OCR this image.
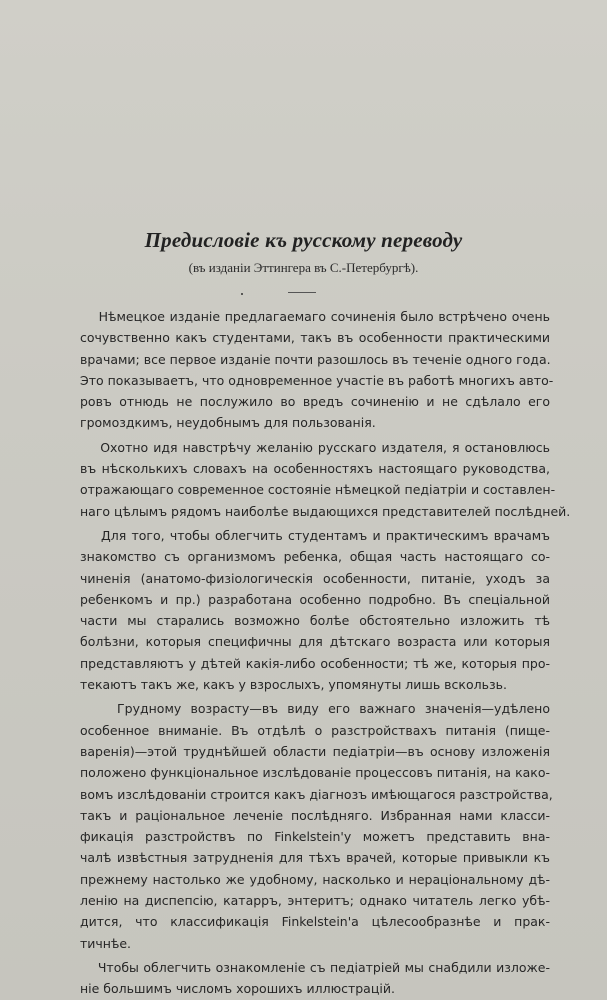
Предисловіе къ русскому переводу
(въ изданіи Эттингера въ С.-Петербургѣ).
Нѣмецкое изданіе предлагаемаго сочиненія было встрѣчено очень
сочувственно какъ студентами, такъ въ особенности практическими
врачами; все первое изданіе почти разошлось въ теченіе одного года.
Это показываетъ, что одновременное участіе въ работѣ многихъ авто-
ровъ отнюдь не послужило во вредъ сочиненію и не сдѣлало его
громоздкимъ, неудобнымъ для пользованія.
Охотно идя навстрѣчу желанію русскаго издателя, я остановлюсь
въ нѣсколькихъ словахъ на особенностяхъ настоящаго руководства,
отражающаго современное состояніе нѣмецкой педіатріи и составлен-
наго цѣлымъ рядомъ наиболѣе выдающихся представителей послѣдней.
Для того, чтобы облегчить студентамъ и практическимъ врачамъ
знакомство съ организмомъ ребенка, общая часть настоящаго со-
чиненія (анатомо-физіологическія особенности, питаніе, уходъ за
ребенкомъ и пр.) разработана особенно подробно. Въ спеціальной
части мы старались возможно болѣе обстоятельно изложить тѣ
болѣзни, которыя специфичны для дѣтскаго возраста или которыя
представляютъ у дѣтей какія-либо особенности; тѣ же, которыя про-
текаютъ такъ же, какъ у взрослыхъ, упомянуты лишь вскользь.
Грудному возрасту—въ виду его важнаго значенія—удѣлено
особенное вниманіе. Въ отдѣлѣ о разстройствахъ питанія (пище-
варенія)—этой труднѣйшей области педіатріи—въ основу изложенія
положено функціональное изслѣдованіе процессовъ питанія, на како-
вомъ изслѣдованіи строится какъ діагнозъ имѣющагося разстройства,
такъ и раціональное леченіе послѣдняго. Избранная нами класси-
фикація разстройствъ по Finkelstein'у можетъ представить вна-
чалѣ извѣстныя затрудненія для тѣхъ врачей, которые привыкли къ
прежнему настолько же удобному, насколько и нераціональному дѣ-
ленію на диспепсію, катарръ, энтеритъ; однако читатель легко убѣ-
дится, что классификація Finkelstein'а цѣлесообразнѣе и прак-
тичнѣе.
Чтобы облегчить ознакомленіе съ педіатріей мы снабдили изложе-
ніе большимъ числомъ хорошихъ иллюстрацій.
